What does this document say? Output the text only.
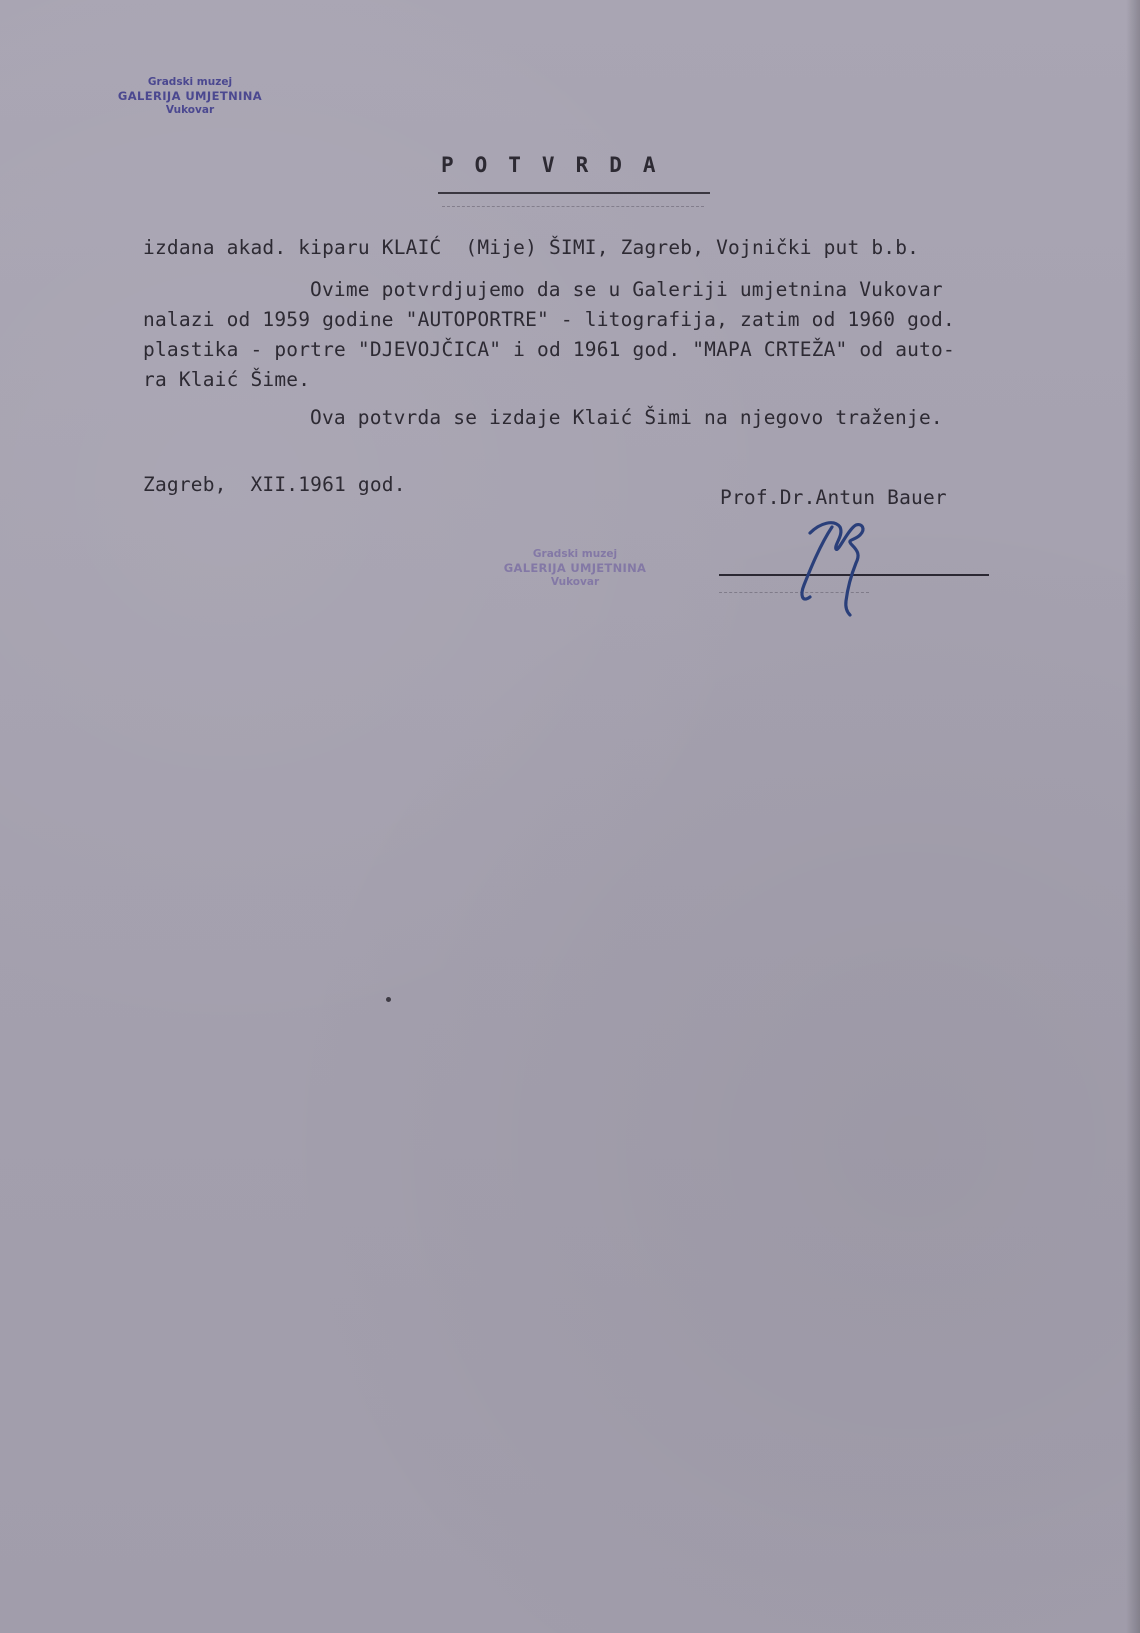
Gradski muzej
GALERIJA UMJETNINA
Vukovar
POTVRDA
izdana akad. kiparu KLAIĆ  (Mije) ŠIMI, Zagreb, Vojnički put b.b.
Ovime potvrdjujemo da se u Galeriji umjetnina Vukovar
nalazi od 1959 godine "AUTOPORTRE" - litografija, zatim od 1960 god.
plastika - portre "DJEVOJČICA" i od 1961 god. "MAPA CRTEŽA" od auto-
ra Klaić Šime.
Ova potvrda se izdaje Klaić Šimi na njegovo traženje.
Zagreb,  XII.1961 god.
Prof.Dr.Antun Bauer
Gradski muzej
GALERIJA UMJETNINA
Vukovar
